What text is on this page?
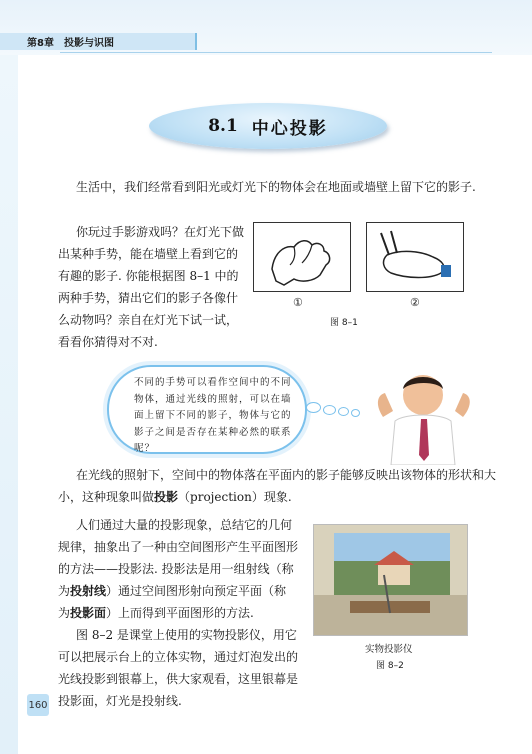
第8章　投影与识图
8.1 中心投影

生活中，我们经常看到阳光或灯光下的物体会在地面或墙壁上留下它的影子.

你玩过手影游戏吗？在灯光下做出某种手势，能在墙壁上看到它的有趣的影子. 你能根据图 8–1 中的两种手势，猜出它们的影子各像什么动物吗？亲自在灯光下试一试，看看你猜得对不对.

①	②
图 8–1
不同的手势可以看作空间中的不同物体，通过光线的照射，可以在墙面上留下不同的影子，物体与它的影子之间是否存在某种必然的联系呢？

在光线的照射下，空间中的物体落在平面内的影子能够反映出该物体的形状和大小，这种现象叫做投影（projection）现象.

人们通过大量的投影现象，总结它的几何规律，抽象出了一种由空间图形产生平面图形的方法——投影法. 投影法是用一组射线（称为投射线）通过空间图形射向预定平面（称为投影面）上而得到平面图形的方法.

图 8–2 是课堂上使用的实物投影仪，用它可以把展示台上的立体实物，通过灯泡发出的光线投影到银幕上，供大家观看，这里银幕是投影面，灯光是投射线.

实物投影仪
图 8–2
160
